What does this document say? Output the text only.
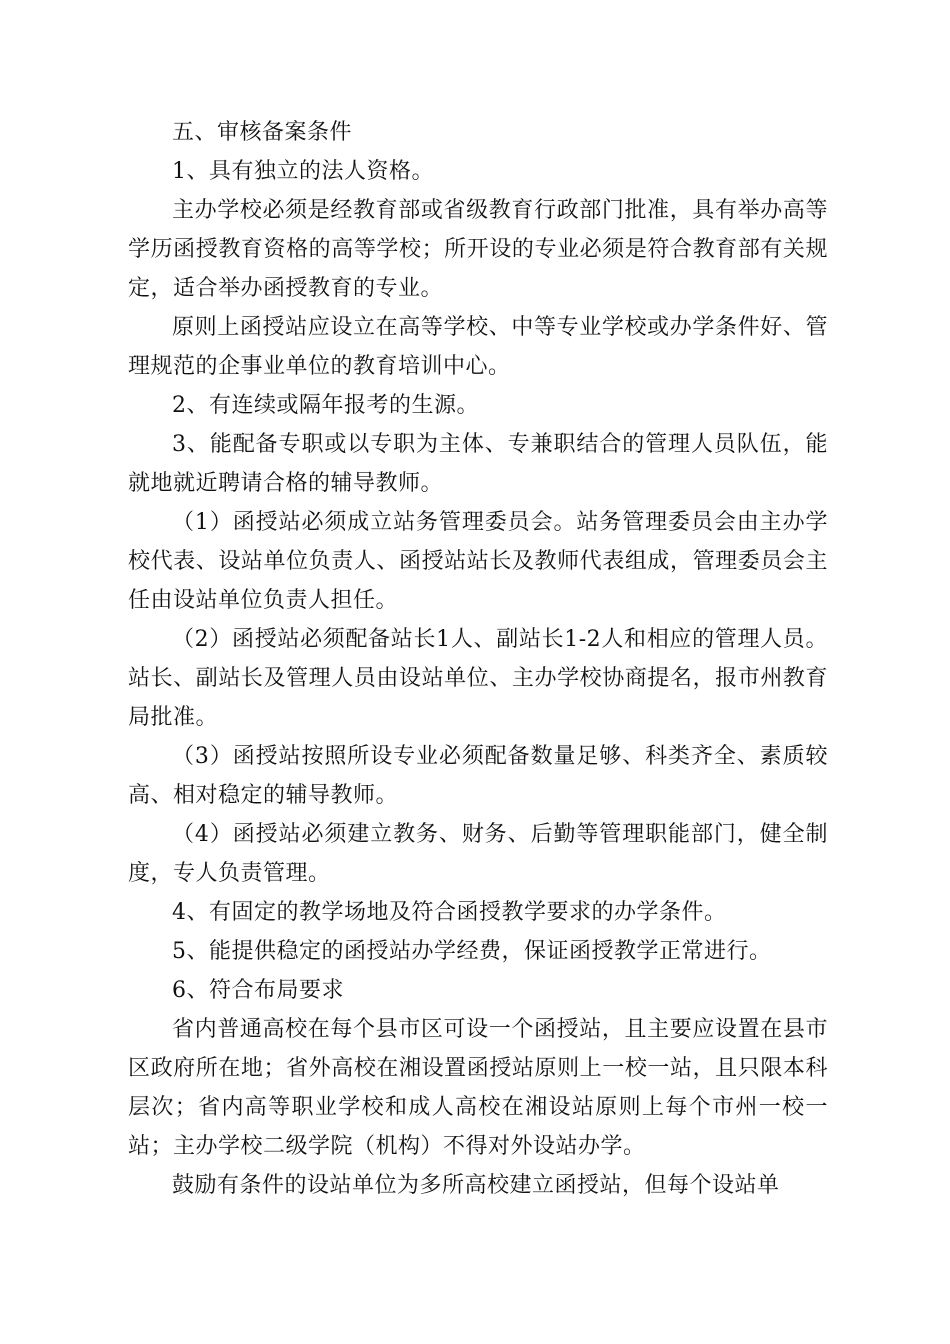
五、审核备案条件

1、具有独立的法人资格。

主办学校必须是经教育部或省级教育行政部门批准，具有举办高等学历函授教育资格的高等学校；所开设的专业必须是符合教育部有关规定，适合举办函授教育的专业。

原则上函授站应设立在高等学校、中等专业学校或办学条件好、管理规范的企事业单位的教育培训中心。

2、有连续或隔年报考的生源。

3、能配备专职或以专职为主体、专兼职结合的管理人员队伍，能就地就近聘请合格的辅导教师。

（1）函授站必须成立站务管理委员会。站务管理委员会由主办学校代表、设站单位负责人、函授站站长及教师代表组成，管理委员会主任由设站单位负责人担任。

（2）函授站必须配备站长1人、副站长1-2人和相应的管理人员。站长、副站长及管理人员由设站单位、主办学校协商提名，报市州教育局批准。

（3）函授站按照所设专业必须配备数量足够、科类齐全、素质较高、相对稳定的辅导教师。

（4）函授站必须建立教务、财务、后勤等管理职能部门，健全制度，专人负责管理。

4、有固定的教学场地及符合函授教学要求的办学条件。

5、能提供稳定的函授站办学经费，保证函授教学正常进行。

6、符合布局要求

省内普通高校在每个县市区可设一个函授站，且主要应设置在县市区政府所在地；省外高校在湘设置函授站原则上一校一站，且只限本科层次；省内高等职业学校和成人高校在湘设站原则上每个市州一校一站；主办学校二级学院（机构）不得对外设站办学。

鼓励有条件的设站单位为多所高校建立函授站，但每个设站单
